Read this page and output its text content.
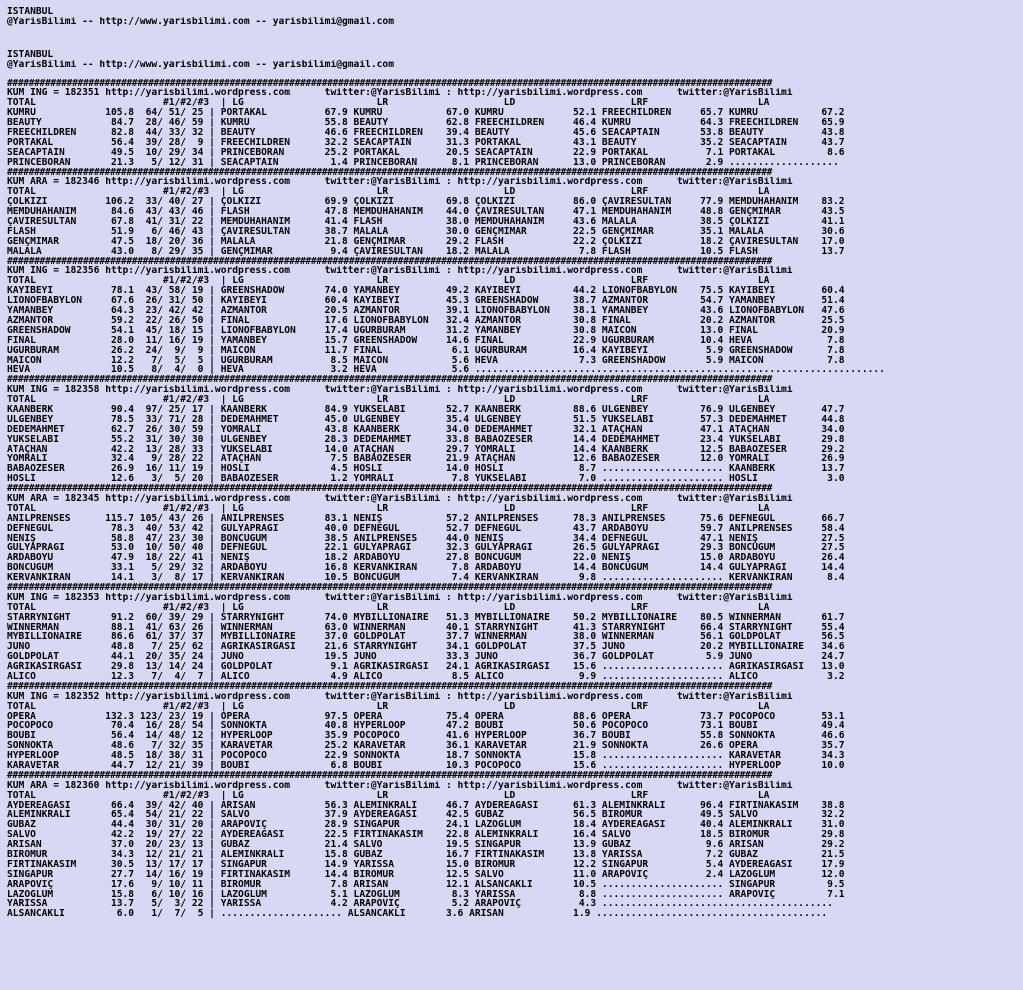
ISTANBUL
@YarisBilimi -- http://www.yarisbilimi.com -- yarisbilimi@gmail.com
ISTANBUL
@YarisBilimi -- http://www.yarisbilimi.com -- yarisbilimi@gmail.com
#############################################################################################################################################
KUM ING = 182351 http://yarisbilimi.wordpress.com      twitter:@YarisBilimi : http://yarisbilimi.wordpress.com      twitter:@YarisBilimi
TOTAL                      #1/#2/#3  | LG                       LR                    LD                    LRF                   LA
KUMRU            105.8  64/ 51/ 25 | PORTAKAL          67.9 KUMRU           67.0 KUMRU            52.1 FREECHILDREN     65.7 KUMRU           67.2
BEAUTY            84.7  28/ 46/ 59 | KUMRU             55.8 BEAUTY          62.8 FREECHILDREN     46.4 KUMRU            64.3 FREECHILDREN    65.9
FREECHILDREN      82.8  44/ 33/ 32 | BEAUTY            46.6 FREECHILDREN    39.4 BEAUTY           45.6 SEACAPTAIN       53.8 BEAUTY          43.8
PORTAKAL          56.4  39/ 28/  9 | FREECHILDREN      32.2 SEACAPTAIN      31.3 PORTAKAL         43.1 BEAUTY           35.2 SEACAPTAIN      43.7
SEACAPTAIN        49.5  10/ 29/ 34 | PRINCEBORAN       25.2 PORTAKAL        20.5 SEACAPTAIN       22.9 PORTAKAL          7.1 PORTAKAL         8.6
PRINCEBORAN       21.3   5/ 12/ 31 | SEACAPTAIN         1.4 PRINCEBORAN      8.1 PRINCEBORAN      13.0 PRINCEBORAN       2.9 ...................
#############################################################################################################################################
KUM ARA = 182346 http://yarisbilimi.wordpress.com      twitter:@YarisBilimi : http://yarisbilimi.wordpress.com      twitter:@YarisBilimi
TOTAL                      #1/#2/#3  | LG                       LR                    LD                    LRF                   LA
ÇOLKIZI          106.2  33/ 40/ 27 | ÇOLKIZI           69.9 ÇOLKIZI         69.8 ÇOLKIZI          86.0 ÇAVIRESULTAN     77.9 MEMDUHAHANIM    83.2
MEMDUHAHANIM      84.6  43/ 43/ 46 | FLASH             47.8 MEMDUHAHANIM    44.0 ÇAVIRESULTAN     47.1 MEMDUHAHANIM     48.8 GENÇMİMAR       43.5
ÇAVIRESULTAN      67.8  41/ 31/ 22 | MEMDUHAHANIM      41.4 FLASH           38.0 MEMDUHAHANIM     43.6 MALALA           38.5 ÇOLKIZI         41.1
FLASH             51.9   6/ 46/ 43 | ÇAVIRESULTAN      38.7 MALALA          30.0 GENÇMİMAR        22.5 GENÇMİMAR        35.1 MALALA          30.6
GENÇMİMAR         47.5  18/ 20/ 36 | MALALA            21.8 GENÇMİMAR       29.2 FLASH            22.2 ÇOLKIZI          18.2 ÇAVIRESULTAN    17.0
MALALA            43.0   8/ 29/ 35 | GENÇMİMAR          9.4 ÇAVIRESULTAN    18.2 MALALA            7.8 FLASH            10.5 FLASH           13.7
#############################################################################################################################################
KUM ING = 182356 http://yarisbilimi.wordpress.com      twitter:@YarisBilimi : http://yarisbilimi.wordpress.com      twitter:@YarisBilimi
TOTAL                      #1/#2/#3  | LG                       LR                    LD                    LRF                   LA
KAYIBEYİ          78.1  43/ 58/ 19 | GREENSHADOW       74.0 YAMANBEY        49.2 KAYIBEYİ         44.2 LIONOFBABYLON    75.5 KAYIBEYİ        60.4
LIONOFBABYLON     67.6  26/ 31/ 50 | KAYIBEYİ          60.4 KAYIBEYİ        45.3 GREENSHADOW      38.7 AZMANTOR         54.7 YAMANBEY        51.4
YAMANBEY          64.3  23/ 42/ 42 | AZMANTOR          20.5 AZMANTOR        39.1 LIONOFBABYLON    38.1 YAMANBEY         43.6 LIONOFBABYLON   47.6
AZMANTOR          59.2  22/ 26/ 50 | FİNAL             17.6 LIONOFBABYLON   32.4 AZMANTOR         30.8 FİNAL            20.2 AZMANTOR        25.5
GREENSHADOW       54.1  45/ 18/ 15 | LIONOFBABYLON     17.4 UGURBURAM       31.2 YAMANBEY         30.8 MAİCON           13.0 FİNAL           20.9
FİNAL             28.0  11/ 16/ 19 | YAMANBEY          15.7 GREENSHADOW     14.6 FİNAL            22.9 UGURBURAM        10.4 HEVA             7.8
UGURBURAM         26.2  24/  9/  9 | MAİCON            11.7 FİNAL            6.1 UGURBURAM        16.4 KAYIBEYİ          5.9 GREENSHADOW      7.8
MAİCON            12.2   7/  5/  5 | UGURBURAM          8.5 MAİCON           5.6 HEVA              7.3 GREENSHADOW       5.9 MAİCON           7.8
HEVA              10.5   8/  4/  0 | HEVA               3.2 HEVA             5.6 .......................................................................
#############################################################################################################################################
KUM ING = 182358 http://yarisbilimi.wordpress.com      twitter:@YarisBilimi : http://yarisbilimi.wordpress.com      twitter:@YarisBilimi
TOTAL                      #1/#2/#3  | LG                       LR                    LD                    LRF                   LA
KAANBERK          90.4  97/ 25/ 17 | KAANBERK          84.9 YÜKSELABİ       52.7 KAANBERK         88.6 ÜLGENBEY         76.9 ÜLGENBEY        47.7
ÜLGENBEY          78.5  33/ 71/ 28 | DEDEMAHMET        45.0 ÜLGENBEY        35.4 ÜLGENBEY         51.5 YÜKSELABİ        57.3 DEDEMAHMET      44.8
DEDEMAHMET        62.7  26/ 30/ 59 | YOMRALI           43.8 KAANBERK        34.0 DEDEMAHMET       32.1 ATAÇHAN          47.1 ATAÇHAN         34.0
YÜKSELABİ         55.2  31/ 30/ 30 | ÜLGENBEY          28.3 DEDEMAHMET      33.8 BABAÖZESER       14.4 DEDEMAHMET       23.4 YÜKSELABİ       29.8
ATAÇHAN           42.2  13/ 28/ 33 | YÜKSELABİ         14.0 ATAÇHAN         29.7 YOMRALI          14.4 KAANBERK         12.5 BABAÖZESER      29.2
YOMRALI           32.4   9/ 28/ 22 | ATAÇHAN            7.5 BABAÖZESER      21.9 ATAÇHAN          12.6 BABAÖZESER       12.0 YOMRALI         26.9
BABAÖZESER        26.9  16/ 11/ 19 | HOSLİ              4.5 HOSLİ           14.0 HOSLİ             8.7 ..................... KAANBERK        13.7
HOSLİ             12.6   3/  5/ 20 | BABAÖZESER         1.2 YOMRALI          7.8 YÜKSELABİ         7.0 ..................... HOSLİ            3.0
#############################################################################################################################################
KUM ARA = 182345 http://yarisbilimi.wordpress.com      twitter:@YarisBilimi : http://yarisbilimi.wordpress.com      twitter:@YarisBilimi
TOTAL                      #1/#2/#3  | LG                       LR                    LD                    LRF                   LA
ANILPRENSES      115.7 105/ 43/ 26 | ANILPRENSES       83.1 NENİŞ           57.2 ANILPRENSES      78.3 ANILPRENSES      75.6 DEFNEGÜL        66.7
DEFNEGÜL          78.3  40/ 53/ 42 | GULYAPRAGI        40.0 DEFNEGÜL        52.7 DEFNEGÜL         43.7 ARDABOYU         59.7 ANILPRENSES     58.4
NENİŞ             58.8  47/ 23/ 30 | BONCUGUM          38.5 ANILPRENSES     44.0 NENİŞ            34.4 DEFNEGÜL         47.1 NENİŞ           27.5
GULYAPRAĞI        53.0  10/ 50/ 40 | DEFNEGÜL          22.1 GULYAPRAĞI      32.3 GULYAPRAĞI       26.5 GULYAPRAĞI       29.3 BONCUGUM        27.5
ARDABOYU          47.9  18/ 22/ 41 | NENİŞ             18.2 ARDABOYU        27.8 BONCUGUM         22.0 NENİŞ            15.0 ARDABOYU        26.4
BONCUGUM          33.1   5/ 29/ 32 | ARDABOYU          16.8 KERVANKIRAN      7.8 ARDABOYU         14.4 BONCUGUM         14.4 GULYAPRAĞI      14.4
KERVANKIRAN       14.1   3/  8/ 17 | KERVANKIRAN       10.5 BONCUGUM         7.4 KERVANKIRAN       9.8 ..................... KERVANKIRAN      8.4
#############################################################################################################################################
KUM ING = 182353 http://yarisbilimi.wordpress.com      twitter:@YarisBilimi : http://yarisbilimi.wordpress.com      twitter:@YarisBilimi
TOTAL                      #1/#2/#3  | LG                       LR                    LD                    LRF                   LA
STARRYNIGHT       91.2  60/ 39/ 29 | STARRYNIGHT       74.0 MYBILLIONAIRE   51.3 MYBILLIONAIRE    50.2 MYBILLIONAIRE    80.5 WINNERMAN       61.7
WINNERMAN         88.1  41/ 63/ 26 | WINNERMAN         63.0 WINNERMAN       40.1 STARRYNIGHT      41.3 STARRYNIGHT      66.4 STARRYNIGHT     55.4
MYBILLIONAIRE     86.6  61/ 37/ 37 | MYBILLIONAIRE     37.0 GOLDPOLAT       37.7 WINNERMAN        38.0 WINNERMAN        56.1 GOLDPOLAT       56.5
JUNO              48.8   7/ 25/ 62 | AGRIKASIRGASI     21.6 STARRYNIGHT     34.1 GOLDPOLAT        37.5 JUNO             20.2 MYBILLIONAIRE   34.6
GOLDPOLAT         44.1  20/ 35/ 24 | JUNO              19.5 JUNO            33.3 JUNO             36.7 GOLDPOLAT         5.9 JUNO            24.7
AGRIKASIRGASI     29.8  13/ 14/ 24 | GOLDPOLAT          9.1 AGRIKASIRGASI   24.1 AGRIKASIRGASI    15.6 ..................... AGRIKASIRGASI   13.0
ALİCO             12.3   7/  4/  7 | ALİCO              4.9 ALİCO            8.5 ALİCO             9.9 ..................... ALİCO            3.2
#############################################################################################################################################
KUM ING = 182352 http://yarisbilimi.wordpress.com      twitter:@YarisBilimi : http://yarisbilimi.wordpress.com      twitter:@YarisBilimi
TOTAL                      #1/#2/#3  | LG                       LR                    LD                    LRF                   LA
OPERA            132.3 123/ 23/ 19 | OPERA             97.5 OPERA           75.4 OPERA            88.6 OPERA            73.7 POCOPOCO        53.1
POCOPOCO          70.4  16/ 28/ 54 | SONNOKTA          40.8 HYPERLOOP       47.2 BOUBI            50.6 POCOPOCO         73.1 BOUBI           49.4
BOUBI             56.4  14/ 48/ 12 | HYPERLOOP         35.9 POCOPOCO        41.6 HYPERLOOP        36.7 BOUBI            55.8 SONNOKTA        46.6
SONNOKTA          48.6   7/ 32/ 35 | KARAVETAR         25.2 KARAVETAR       36.1 KARAVETAR        21.9 SONNOKTA         26.6 OPERA           35.7
HYPERLOOP         48.5  18/ 38/ 31 | POCOPOCO          22.9 SONNOKTA        18.7 SONNOKTA         15.8 ..................... KARAVETAR       34.3
KARAVETAR         44.7  12/ 21/ 39 | BOUBI              6.8 BOUBI           10.3 POCOPOCO         15.6 ..................... HYPERLOOP       10.0
#############################################################################################################################################
KUM ARA = 182360 http://yarisbilimi.wordpress.com      twitter:@YarisBilimi : http://yarisbilimi.wordpress.com      twitter:@YarisBilimi
TOTAL                      #1/#2/#3  | LG                       LR                    LD                    LRF                   LA
AYDEREAĞASI       66.4  39/ 42/ 40 | ARISAN            56.3 ALEMİNKRALI     46.7 AYDEREAĞASI      61.3 ALEMİNKRALI      96.4 FIRTINAKASIM    38.8
ALEMİNKRALI       65.4  54/ 21/ 22 | SALVO             37.9 AYDEREAĞASI     42.5 GUBAZ            56.5 BİROMUR          49.5 SALVO           32.2
GUBAZ             44.4  30/ 31/ 20 | ARAPOVİÇ          28.9 SİNGAPUR        24.1 LAZOGLUM         18.4 AYDEREAĞASI      40.4 ALEMİNKRALI     31.0
SALVO             42.2  19/ 27/ 22 | AYDEREAĞASI       22.5 FIRTINAKASIM    22.8 ALEMİNKRALI      16.4 SALVO            18.5 BİROMUR         29.8
ARİSAN            37.0  20/ 23/ 13 | GUBAZ             21.4 SALVO           19.5 SİNGAPUR         13.9 GUBAZ             9.6 ARİSAN          29.2
BİROMUR           34.3  12/ 21/ 21 | ALEMİNKRALI       15.8 GUBAZ           16.7 FIRTINAKASIM     13.8 YARISSA           7.2 GUBAZ           21.5
FIRTINAKASIM      30.5  13/ 17/ 17 | SİNGAPUR          14.9 YARISSA         15.0 BİROMUR          12.2 SİNGAPUR          5.4 AYDEREAĞASI     17.9
SİNGAPUR          27.7  14/ 16/ 19 | FIRTINAKASIM      14.4 BİROMUR         12.5 SALVO            11.0 ARAPOVİÇ          2.4 LAZOGLUM        12.0
ARAPOVİÇ          17.6   9/ 10/ 11 | BİROMUR            7.8 ARİSAN          12.1 ALSANCAKLI       10.5 ..................... SİNGAPUR         9.5
LAZOGLUM          15.8   6/ 10/ 16 | LAZOGLUM           5.1 LAZOGLUM         8.3 YARISSA           8.8 ..................... ARAPOVİÇ         7.1
YARISSA           13.7   5/  3/ 22 | YARISSA            4.2 ARAPOVİÇ         5.2 ARAPOVİÇ          4.3 ........................................
ALSANCAKLI         6.0   1/  7/  5 | ..................... ALSANCAKLI       3.6 ARİSAN            1.9 ........................................
